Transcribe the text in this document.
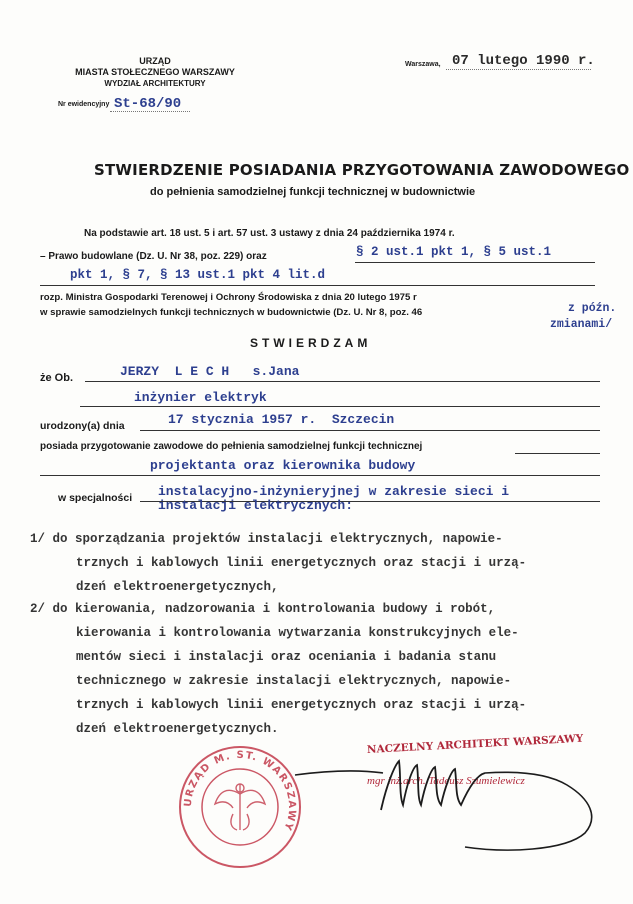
URZĄD
MIASTA STOŁECZNEGO WARSZAWY
WYDZIAŁ ARCHITEKTURY
Nr ewidencyjny St-68/90
Warszawa, 07 lutego 1990 r.
STWIERDZENIE POSIADANIA PRZYGOTOWANIA ZAWODOWEGO
do pełnienia samodzielnej funkcji technicznej w budownictwie
Na podstawie art. 18 ust. 5 i art. 57 ust. 3 ustawy z dnia 24 października 1974 r.
– Prawo budowlane (Dz. U. Nr 38, poz. 229) oraz	§ 2 ust.1 pkt 1, § 5 ust.1
pkt 1, § 7, § 13 ust.1 pkt 4 lit.d
rozp. Ministra Gospodarki Terenowej i Ochrony Środowiska z dnia 20 lutego 1975 r
w sprawie samodzielnych funkcji technicznych w budownictwie (Dz. U. Nr 8, poz. 46	z późn.
zmianami/
STWIERDZAM
że Ob.	JERZY  L E C H   s.Jana
inżynier elektryk
urodzony(a) dnia	17 stycznia 1957 r.  Szczecin
posiada przygotowanie zawodowe do pełnienia samodzielnej funkcji technicznej
projektanta oraz kierownika budowy
w specjalności instalacyjno-inżynieryjnej w zakresie sieci i
instalacji elektrycznych:
1/ do sporządzania projektów instalacji elektrycznych, napowie-
trznych i kablowych linii energetycznych oraz stacji i urzą-
dzeń elektroenergetycznych,
2/ do kierowania, nadzorowania i kontrolowania budowy i robót,
kierowania i kontrolowania wytwarzania konstrukcyjnych ele-
mentów sieci i instalacji oraz oceniania i badania stanu
technicznego w zakresie instalacji elektrycznych, napowie-
trznych i kablowych linii energetycznych oraz stacji i urzą-
dzeń elektroenergetycznych.
URZĄD M. ST. WARSZAWY
NACZELNY ARCHITEKT WARSZAWY
mgr inż.arch. Tadeusz Szumielewicz
